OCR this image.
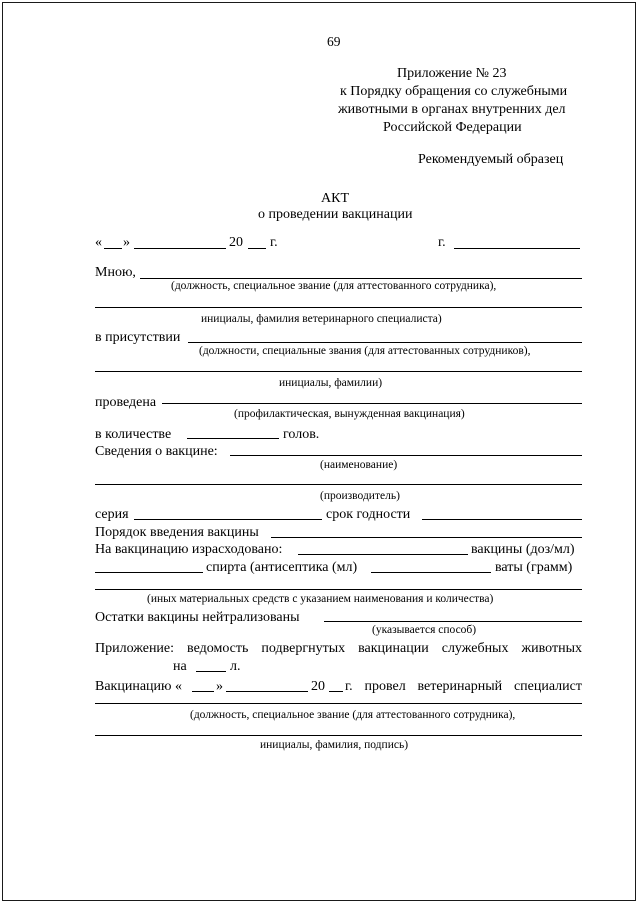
69
Приложение № 23
к Порядку обращения со служебными
животными в органах внутренних дел
Российской Федерации
Рекомендуемый образец
АКТ
о проведении вакцинации
« »	20 г.	г.
Мною,
(должность, специальное звание (для аттестованного сотрудника),
инициалы, фамилия ветеринарного специалиста)
в присутствии
(должности, специальные звания (для аттестованных сотрудников),
инициалы, фамилии)
проведена
(профилактическая, вынужденная вакцинация)
в количестве	голов.
Сведения о вакцине:
(наименование)
(производитель)
серия	срок годности
Порядок введения вакцины
На вакцинацию израсходовано:	вакцины (доз/мл)
спирта (антисептика (мл)	ваты (грамм)
(иных материальных средств с указанием наименования и количества)
Остатки вакцины нейтрализованы
(указывается способ)
Приложение: ведомость подвергнутых вакцинации служебных животных
на	л.
Вакцинацию « »	20 г. провел ветеринарный специалист
(должность, специальное звание (для аттестованного сотрудника),
инициалы, фамилия, подпись)
